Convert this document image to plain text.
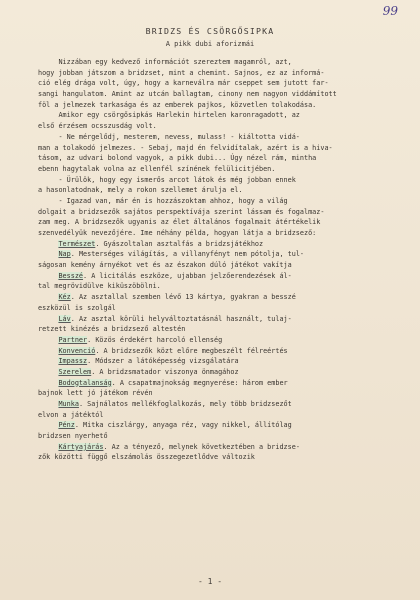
99
BRIDZS ÉS CSÖRGŐSIPKA
A pikk dubi aforizmái
Nizzában egy kedvező információt szereztem magamról, azt,
hogy jobban játszom a bridzset, mint a chemint. Sajnos, ez az informá-
ció elég drága volt, úgy, hogy a karneválra már cseppet sem jutott far-
sangi hangulatom. Amint az utcán ballagtam, cinony nem nagyon viddámított
föl a jelmezek tarkasága és az emberek pajkos, közvetlen tolakodása.
Amikor egy csörgősipkás Harlekin hirtelen karonragadott, az
első érzésem ocsszusdág volt.
- Ne mérgelődj, mesterem, nevess, mulass! - kiáltotta vidá-
man a tolakodó jelmezes. - Sebaj, majd én felvidítalak, azért is a hiva-
tásom, az udvari bolond vagyok, a pikk dubi... Úgy nézel rám, mintha
ebenn hagytalak volna az ellenfél színének felülicitjében.
- Ürülök, hogy egy ismerős arcot látok és még jobban ennek
a hasonlatodnak, mely a rokon szellemet árulja el.
- Igazad van, már én is hozzászoktam ahhoz, hogy a világ
dolgait a bridzsezők sajátos perspektívája szerint lássam és fogalmaz-
zam meg. A bridzsezők ugyanis az élet általános fogalmait átértékelik
szenvedélyük nevezőjére. Ime néhány példa, hogyan látja a bridzsező:
Természet. Gyászoltalan asztalfás a bridzsjátékhoz
Nap. Mesterséges világítás, a villanyfényt nem pótolja, tul-
ságosan kemény árnyékot vet és az északon dúló játékot vakítja
Besszé. A licitálás eszköze, ujabban jelzőerendezések ál-
tal megrövidülve kiküszöbölni.
Kéz. Az asztallal szemben lévő 13 kártya, gyakran a besszé
eszközül is szolgál
Láv. Az asztal körüli helyváltoztatásnál használt, tulaj-
retzett kinézés a bridzsező altestén
Partner. Közös érdekért harcoló ellenség
Konvenció. A bridzsezők közt előre megbeszélt félreértés
Impassz. Módszer a látóképesség vizsgálatára
Szerelem. A bridzsmatador viszonya önmagához
Bodogtalanság. A csapatmajnokság megnyerése: három ember
bajnok lett jó játékom révén
Munka. Sajnálatos mellékfoglalkozás, mely több bridzsezőt
elvon a játéktól
Pénz. Mitka ciszlárgy, anyaga réz, vagy nikkel, állítólag
bridzsen nyerhető
Kártyajárás. Az a tényező, melynek következtében a bridzse-
zők közötti függő elszámolás összegezetlődve változik
- 1 -
